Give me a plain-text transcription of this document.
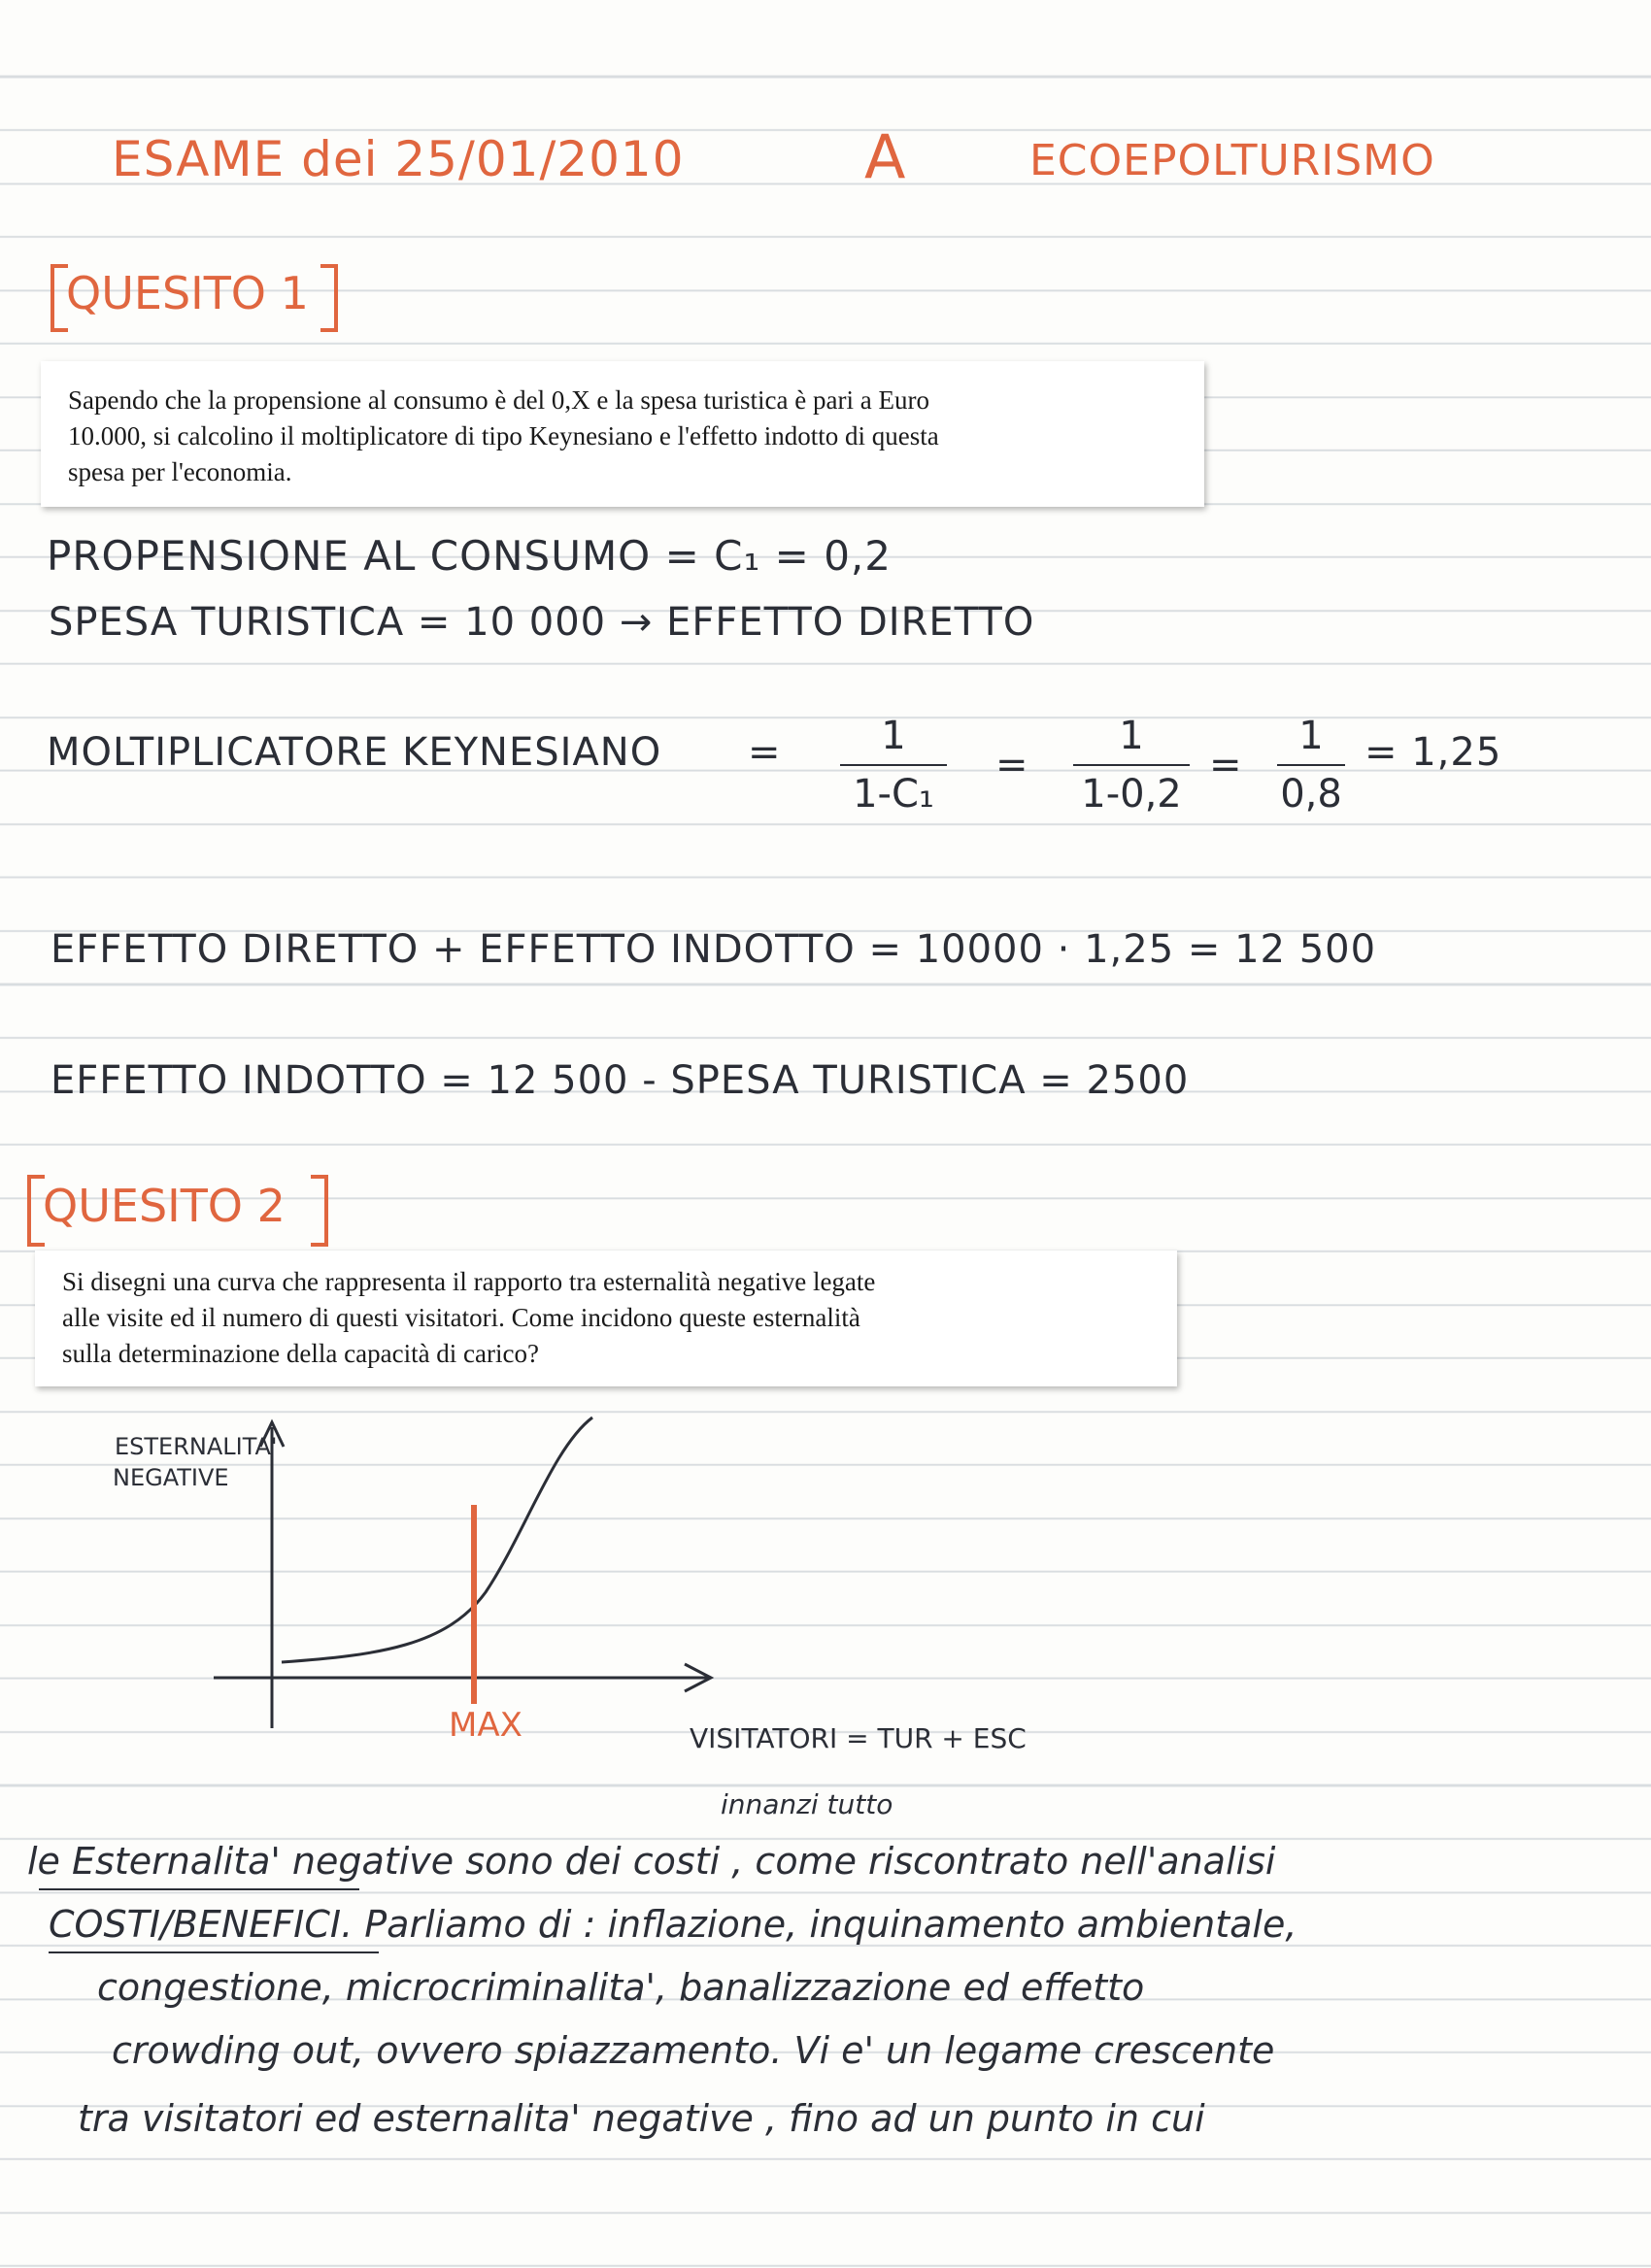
ESAME dei 25/01/2010	A	ECOEPOLTURISMO
QUESITO 1

Sapendo che la propensione al consumo è del 0,X e la spesa turistica è pari a Euro

10.000, si calcolino il moltiplicatore di tipo Keynesiano e l'effetto indotto di questa

spesa per l'economia.

PROPENSIONE AL CONSUMO = C₁ = 0,2
SPESA TURISTICA = 10 000 → EFFETTO DIRETTO
MOLTIPLICATORE KEYNESIANO =	1
1-C₁
=
1
1-0,2
=
1
0,8
= 1,25
EFFETTO DIRETTO + EFFETTO INDOTTO = 10000 · 1,25 = 12 500
EFFETTO INDOTTO = 12 500 - SPESA TURISTICA = 2500
QUESITO 2

Si disegni una curva che rappresenta il rapporto tra esternalità negative legate

alle visite ed il numero di questi visitatori. Come incidono queste esternalità

sulla determinazione della capacità di carico?

ESTERNALITA'
NEGATIVE
MAX	VISITATORI = TUR + ESC
innanzi tutto
le Esternalita' negative sono dei costi , come riscontrato nell'analisi
COSTI/BENEFICI. Parliamo di : inflazione, inquinamento ambientale,
congestione, microcriminalita', banalizzazione ed effetto
crowding out, ovvero spiazzamento. Vi e' un legame crescente
tra visitatori ed esternalita' negative , fino ad un punto in cui
